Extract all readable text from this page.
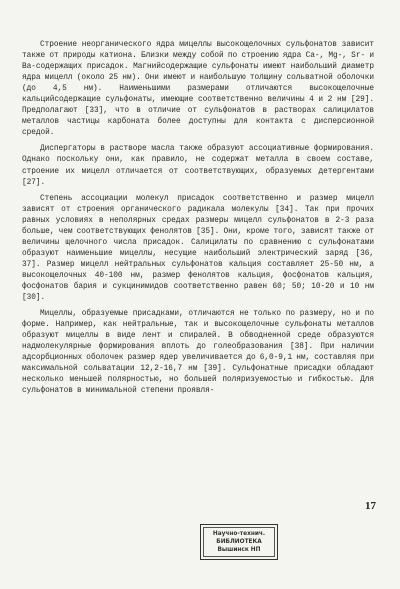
Строение неорганического ядра мицеллы высокощелочных сульфонатов зависит также от природы катиона. Близки между собой по строению ядра Ca-, Mg-, Sr- и Ba-содержащих присадок. Магнийсодержащие сульфонаты имеют наибольший диаметр ядра мицелл (около 25 нм). Они имеют и наибольшую толщину сольватной оболочки (до 4,5 нм). Наименьшими размерами отличаются высокощелочные кальцийсодержащие сульфонаты, имеющие соответственно величины 4 и 2 нм [29]. Предполагают [33], что в отличие от сульфонатов в растворах салицилатов металлов частицы карбоната более доступны для контакта с дисперсионной средой.

Диспергаторы в растворе масла также образуют ассоциативные формирования. Однако поскольку они, как правило, не содержат металла в своем составе, строение их мицелл отличается от соответствующих, образуемых детергентами [27].

Степень ассоциации молекул присадок соответственно и размер мицелл зависят от строения органического радикала молекулы [34]. Так при прочих равных условиях в неполярных средах размеры мицелл сульфонатов в 2-3 раза больше, чем соответствующих фенолятов [35]. Они, кроме того, зависят также от величины щелочного числа присадок. Салицилаты по сравнению с сульфонатами образуют наименьшие мицеллы, несущие наибольший электрический заряд [36, 37]. Размер мицелл нейтральных сульфонатов кальция составляет 25-50 нм, а высокощелочных 40-100 нм, размер фенолятов кальция, фосфонатов кальция, фосфонатов бария и сукцинимидов соответственно равен 60; 50; 10-20 и 10 нм [30].

Мицеллы, образуемые присадками, отличаются не только по размеру, но и по форме. Например, как нейтральные, так и высокощелочные сульфонаты металлов образуют мицеллы в виде лент и спиралей. В обводненной среде образуются надмолекулярные формирования вплоть до голеобразования [38]. При наличии адсорбционных оболочек размер ядер увеличивается до 6,0-9,1 нм, составляя при максимальной сольватации 12,2-16,7 нм [39]. Сульфонатные присадки обладают несколько меньшей полярностью, но большей поляризуемостью и гибкостью. Для сульфонатов в минимальной степени проявля-

17
Научно-технич.
БИБЛИОТЕКА
Вышинск НП
